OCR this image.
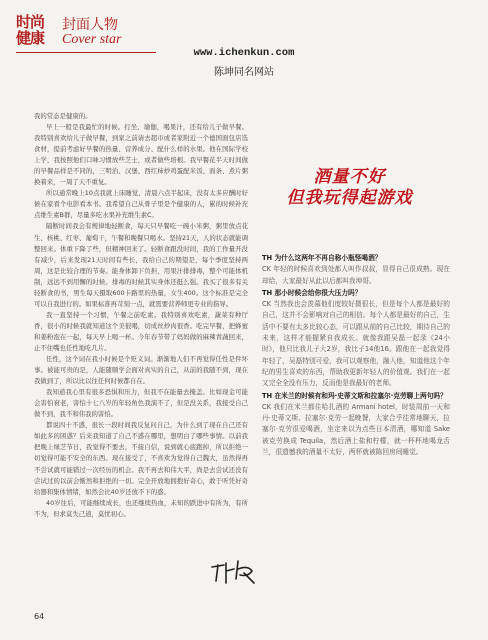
时尚
健康
封面人物
Cover star
www.ichenkun.com
陈坤同名网站

我的常态是健康的。

早上一般是我最忙的时候。打坐、瑜伽，喝果汁，还有给儿子做早餐。我特别喜欢给儿子做早餐，到家之前请去超市或者家附近一个德国面包店选食材，提前考虑好早餐的热量、营养成分、配什么样的水果。他在国际学校上学，我按照他们口味习惯放些芝士，或者做些培根。我早餐花半天时间做的早餐品样是不同的，三明治、汉堡、西红柿炒鸡蛋配米饭、面条、煮片粥换着来，一周了天不重复。

所以通常晚上10点我就上床睡觉，清晨六点半起床，没有太多应酬时好候在家看个电影看本书。我希望自己从骨子里是个健康的人，累的时候补充点维生素B群，尽量多吃水果补充维生素C。

隔断时间我会有规律地轻断食，每天只早餐吃一碗小米粥，粥里放点花生、核桃、红枣、葡萄干，午餐和晚餐只喝水。坚持21天，人的状态就能调整回来。体重下降了些，但精神回来了。轻断食跟没时间，我的工作量开没有减少，后来发现21天时间有些长，我给自己的期望是，每个季度坚持两周，这是比较合理的节奏。能身体卸下负担，用果汁排排毒，整个可能体机制，远远不到用懈的时候。排毒的时候其实身体还挺么强。我买了很多有关轻断食的书，男生每天摄取600卡路里的热量，女生400。这个标准是完全可以自我进行的。如果标准再苛刻一点，就需要营养师更专业的指导。

我一直坚持一个习惯，午餐之前吃素。我特别喜欢吃素，蔬菜有种厅香，很小的时候我就知道这个美很喝，切成丝炒肉很香。吃完早餐，把蜂蜜和姜粉泡在一起，每天早上喝一杯。今年春节带了妈妈做的麻辣青蔬回来，止不住嘴也任性地吃几片。

任性，这个词在我小时候是个贬义词。渐渐地人们不再觉得任性是件坏事。被能可贵的是，人能随顺学会面对真实的自己，从前的我随不到，现在我做到了，所以比以往任何时候都自在。

我知道我心里有很多恐惧和压力，但我不在能量去掩盖。比如现金可能会害怕衰老，害怕十七八岁的年轻角色我演不了，但是没关系，我接受自己做不到，我不和伟我的害怕。

都说四十不惑，很长一段时间我反复问自己，为什么到了现在自己还有如此多的困惑？后来我知道了自己不惑在哪里，想明白了哪些事情。以前我把晚上绿芝节日，我觉得不要去，不接自信，说到就心底跑掉，所以拒绝一切觉得可能不安全的东西。现在接受了，不喜欢为觉得自己魏大，虽然得再不尝试就可能错过一次经历的机会。我不再去和伟大平，尚是去尝试还没有尝试过的以前会惭然和拒绝的一切。完全开放地拥抱好奇心，敢于听凭好奇给器和集体情绪，如然会比40岁还放不下的惑。

40岁往后，可能继续成长，也还继续热血，未知的跌进中有所为，有所不为，但求莫失己道，莫忧初心。

酒量不好
但我玩得起游戏

TH 为什么这两年不再自称小瓶怪喝酒？

CK 年轻的时候喜欢到处都人叫作叔叔，显得自己很成熟。现在却给，大家最好从此以后都叫我坤哥。

TH 那小时候会给你很大压力吗？

CK 当然我也会羡慕他们度较好摄很长，但是每个人都是最好的自己，这并不会影响对自己的相信。每个人都是最好的自己，生活中不要有太多比较心态，可以跟从前的自己比较，期待自己的未来，这样才能握紧自我成长。就像我跟吴磊一起录《24小时》，他只比我儿子大2岁，我比子14他16。跟他在一起我觉得年轻了，吴磊特别可爱，我可以观察他，融入他，知道他这个年纪的男生喜欢的东西，帮助我更新年轻人的价值观。我们在一起又完全全没有压力，反而他是我最好的老师。

TH 在米兰的时候有和玛·史蒂文斯和拉塞尔·克劳聊上两句吗？

CK 我们在米兰都住哈扎酒的 Armani hotel，时装周前一天和丹·史蒂文斯、拉塞尔·克劳一起晚餐，大家合乎往常地聊天，拉塞尔·克劳很爱喝酒，坐定来以为点些日本清酒，哪知道 Sake 被克劳换成 Tequila，然后酒上盐和柠檬，就一杯杯地喝龙舌兰，很遗憾我的酒量不太好，两杯就被陈回房间睡觉。

64
